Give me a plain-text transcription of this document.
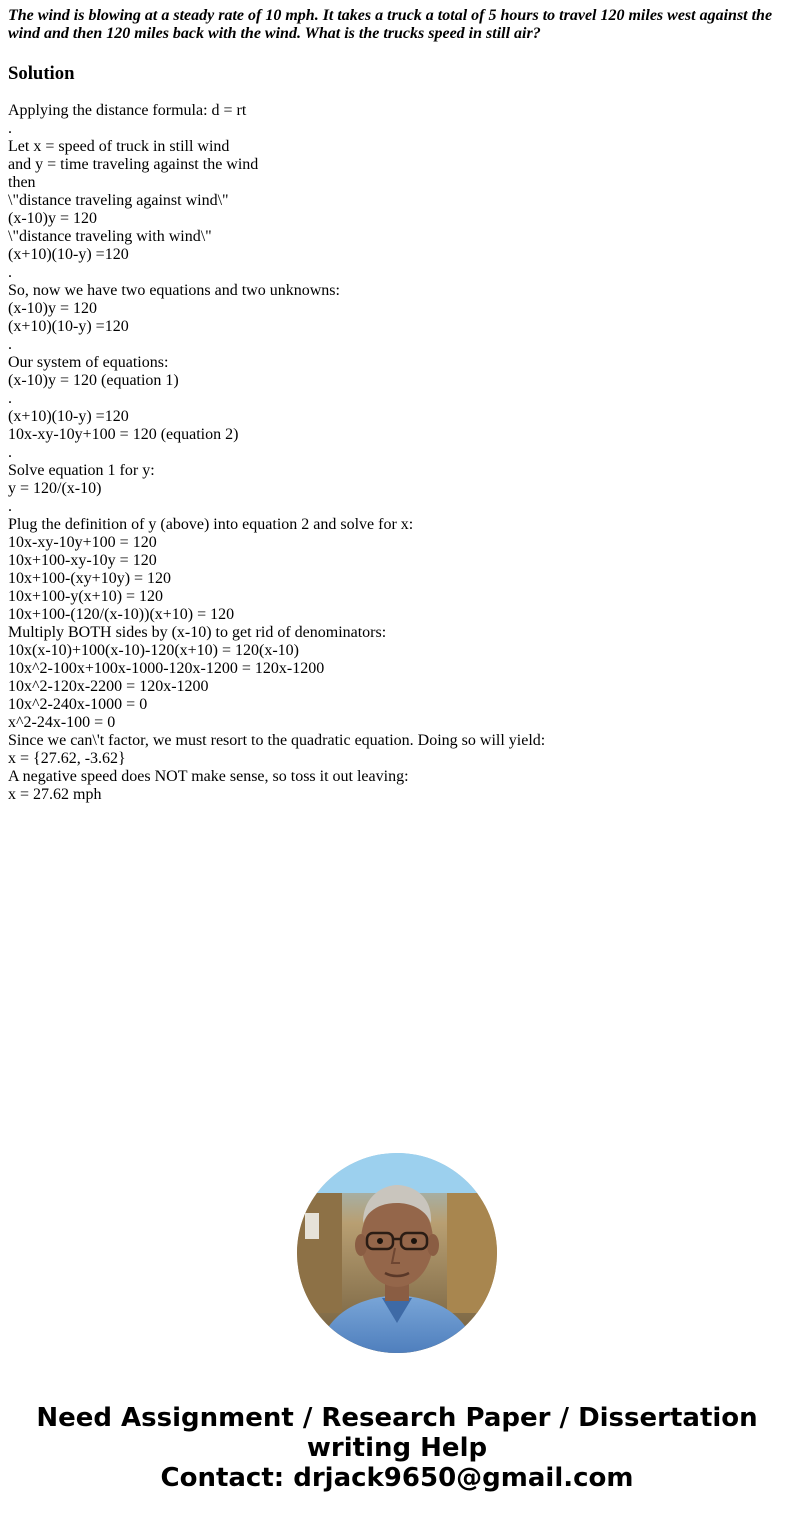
The wind is blowing at a steady rate of 10 mph. It takes a truck a total of 5 hours to travel 120 miles west against the wind and then 120 miles back with the wind. What is the trucks speed in still air?
Solution
Applying the distance formula: d = rt
.
Let x = speed of truck in still wind
and y = time traveling against the wind
then
\"distance traveling against wind\"
(x-10)y = 120
\"distance traveling with wind\"
(x+10)(10-y) =120
.
So, now we have two equations and two unknowns:
(x-10)y = 120
(x+10)(10-y) =120
.
Our system of equations:
(x-10)y = 120 (equation 1)
.
(x+10)(10-y) =120
10x-xy-10y+100 = 120 (equation 2)
.
Solve equation 1 for y:
y = 120/(x-10)
.
Plug the definition of y (above) into equation 2 and solve for x:
10x-xy-10y+100 = 120
10x+100-xy-10y = 120
10x+100-(xy+10y) = 120
10x+100-y(x+10) = 120
10x+100-(120/(x-10))(x+10) = 120
Multiply BOTH sides by (x-10) to get rid of denominators:
10x(x-10)+100(x-10)-120(x+10) = 120(x-10)
10x^2-100x+100x-1000-120x-1200 = 120x-1200
10x^2-120x-2200 = 120x-1200
10x^2-240x-1000 = 0
x^2-24x-100 = 0
Since we can\'t factor, we must resort to the quadratic equation. Doing so will yield:
x = {27.62, -3.62}
A negative speed does NOT make sense, so toss it out leaving:
x = 27.62 mph
Need Assignment / Research Paper / Dissertation
writing Help
Contact: drjack9650@gmail.com
